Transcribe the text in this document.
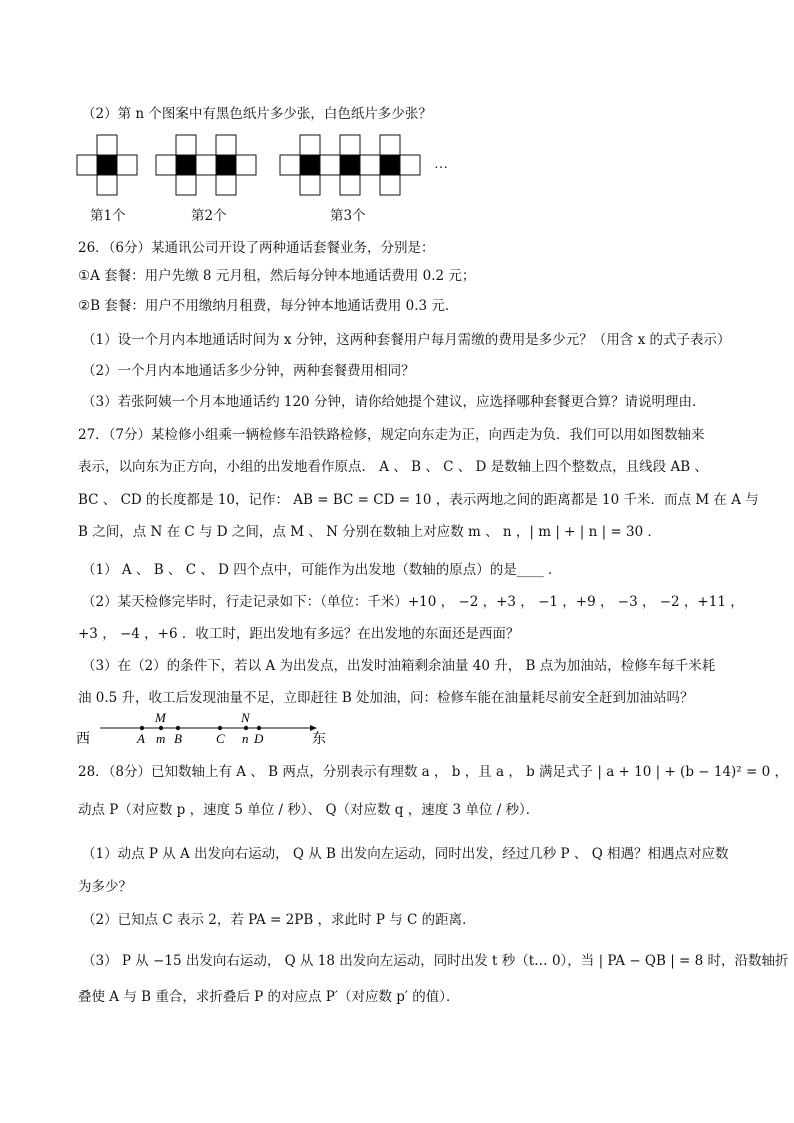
（2）第 n 个图案中有黑色纸片多少张，白色纸片多少张？
…
第1个	第2个	第3个
26．（6分）某通讯公司开设了两种通话套餐业务，分别是：
①A 套餐：用户先缴 8 元月租，然后每分钟本地通话费用 0.2 元；
②B 套餐：用户不用缴纳月租费，每分钟本地通话费用 0.3 元．
（1）设一个月内本地通话时间为 x 分钟，这两种套餐用户每月需缴的费用是多少元？（用含 x 的式子表示）
（2）一个月内本地通话多少分钟，两种套餐费用相同？
（3）若张阿姨一个月本地通话约 120 分钟，请你给她提个建议，应选择哪种套餐更合算？请说明理由．
27．（7分）某检修小组乘一辆检修车沿铁路检修，规定向东走为正，向西走为负．我们可以用如图数轴来
表示，以向东为正方向，小组的出发地看作原点． A 、 B 、 C 、 D 是数轴上四个整数点，且线段 AB 、
BC 、 CD 的长度都是 10，记作： AB = BC = CD = 10 ，表示两地之间的距离都是 10 千米．而点 M 在 A 与
B 之间，点 N 在 C 与 D 之间，点 M 、 N 分别在数轴上对应数 m 、 n ，| m | + | n | = 30 ．
（1） A 、 B 、 C 、 D 四个点中，可能作为出发地（数轴的原点）的是____ ．
（2）某天检修完毕时，行走记录如下：（单位：千米）+10 ， −2 ，+3 ， −1 ，+9 ， −3 ， −2 ，+11 ，
+3 ， −4 ，+6 ．收工时，距出发地有多远？在出发地的东面还是西面？
（3）在（2）的条件下，若以 A 为出发点，出发时油箱剩余油量 40 升， B 点为加油站，检修车每千米耗
油 0.5 升，收工后发现油量不足，立即赶往 B 处加油，问：检修车能在油量耗尽前安全赶到加油站吗？
西	东
A m B	C n D
M	N
28．（8分）已知数轴上有 A 、 B 两点，分别表示有理数 a ， b ，且 a ， b 满足式子 | a + 10 | + (b − 14)² = 0 ，
动点 P（对应数 p ，速度 5 单位 / 秒）、 Q（对应数 q ，速度 3 单位 / 秒）．
（1）动点 P 从 A 出发向右运动， Q 从 B 出发向左运动，同时出发，经过几秒 P 、 Q 相遇？相遇点对应数
为多少？
（2）已知点 C 表示 2，若 PA = 2PB ，求此时 P 与 C 的距离．
（3） P 从 −15 出发向右运动， Q 从 18 出发向左运动，同时出发 t 秒（t… 0），当 | PA − QB | = 8 时，沿数轴折
叠使 A 与 B 重合，求折叠后 P 的对应点 P′（对应数 p′ 的值）．
